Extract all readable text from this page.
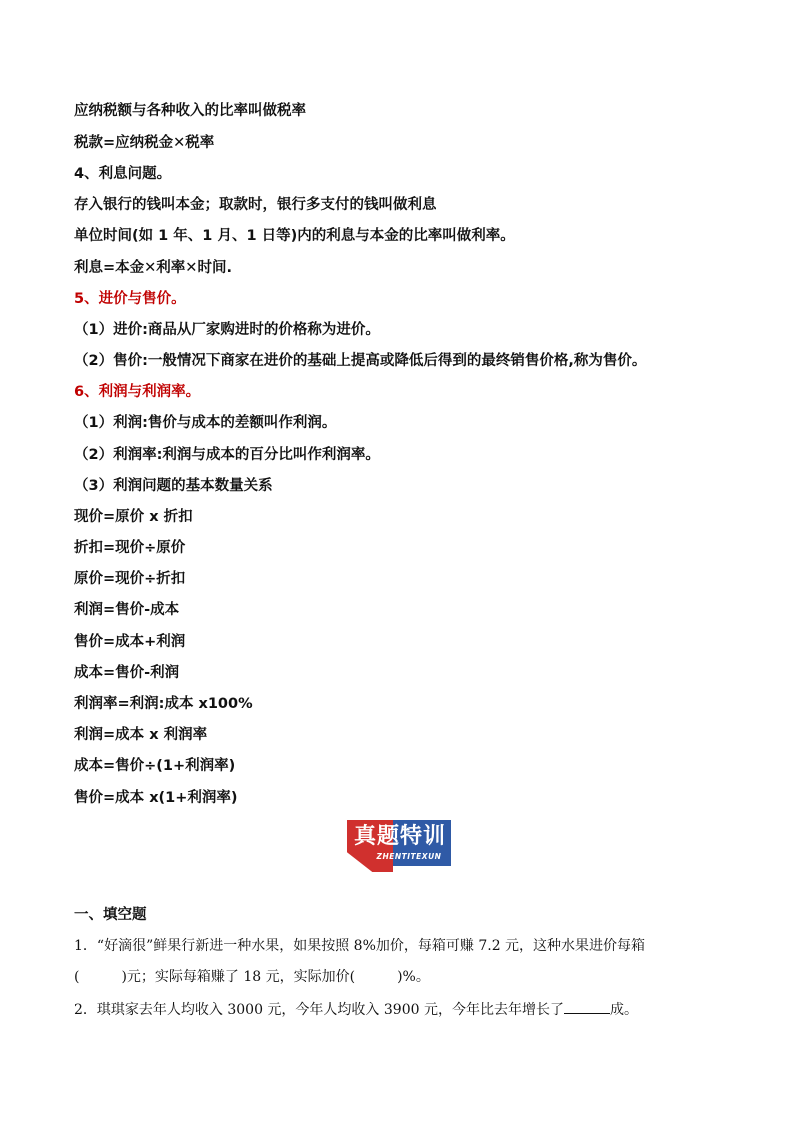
应纳税额与各种收入的比率叫做税率
税款=应纳税金✕税率
4、利息问题。
存入银行的钱叫本金；取款时，银行多支付的钱叫做利息
单位时间(如 1 年、1 月、1 日等)内的利息与本金的比率叫做利率。
利息=本金✕利率✕时间.
5、进价与售价。
（1）进价:商品从厂家购进时的价格称为进价。
（2）售价:一般情况下商家在进价的基础上提高或降低后得到的最终销售价格,称为售价。
6、利润与利润率。
（1）利润:售价与成本的差额叫作利润。
（2）利润率:利润与成本的百分比叫作利润率。
（3）利润问题的基本数量关系
现价=原价 x 折扣
折扣=现价÷原价
原价=现价÷折扣
利润=售价-成本
售价=成本+利润
成本=售价-利润
利润率=利润:成本 x100%
利润=成本 x 利润率
成本=售价÷(1+利润率)
售价=成本 x(1+利润率)
真题特训
ZHENTITEXUN
一、填空题
1．“好滴很”鲜果行新进一种水果，如果按照 8%加价，每箱可赚 7.2 元，这种水果进价每箱
(　　　)元；实际每箱赚了 18 元，实际加价(　　　)%。
2．琪琪家去年人均收入 3000 元，今年人均收入 3900 元，今年比去年增长了	成。
